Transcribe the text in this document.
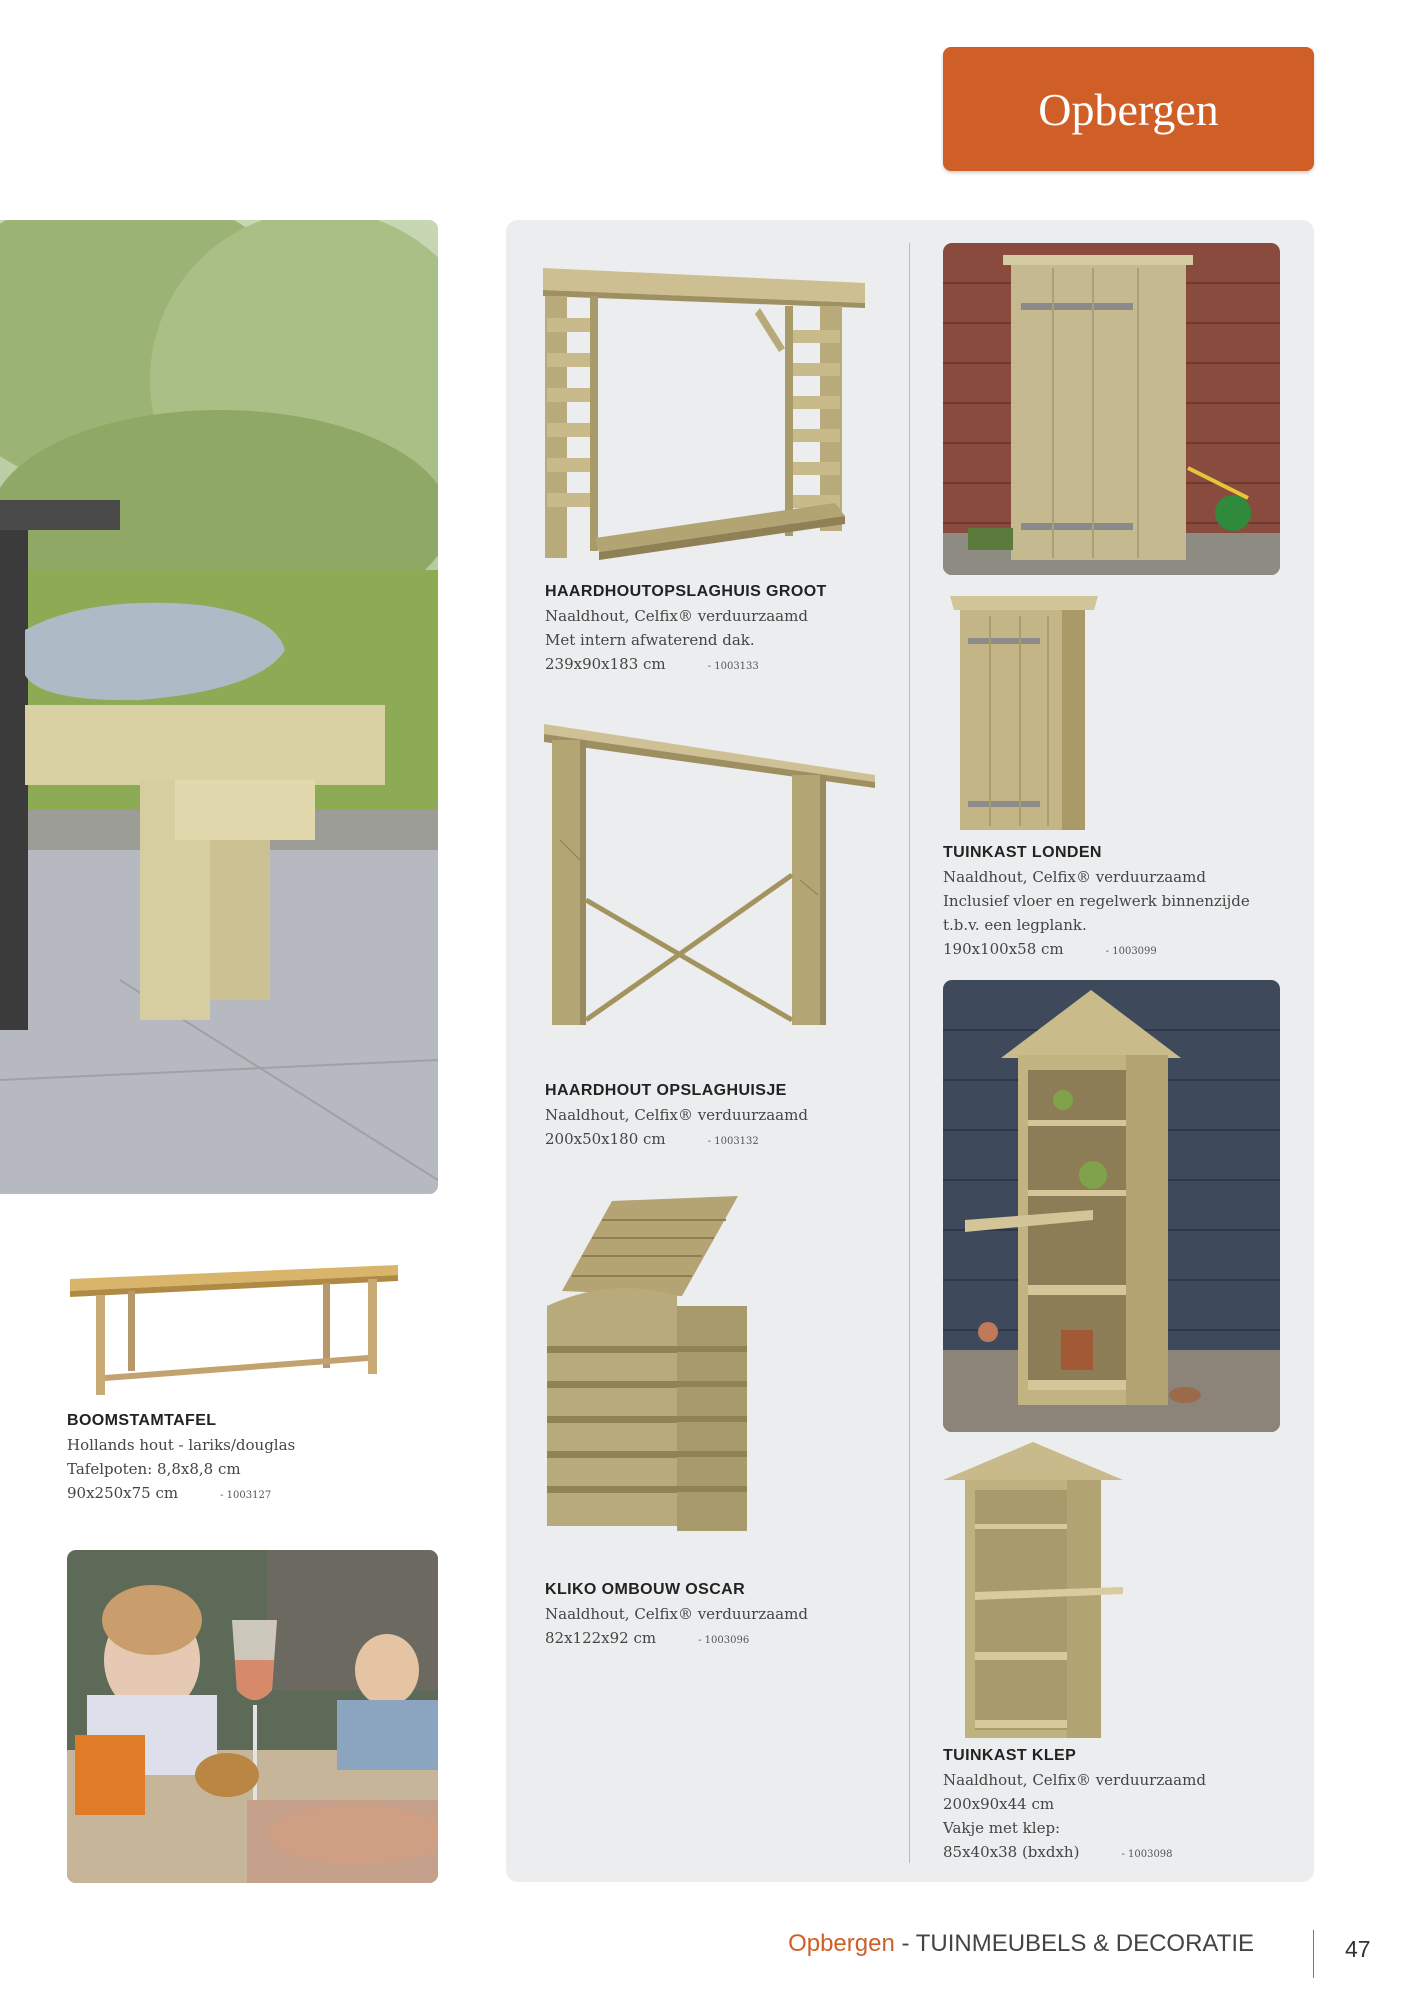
Opbergen
HAARDHOUTOPSLAGHUIS GROOT
Naaldhout, Celfix® verduurzaamd
Met intern afwaterend dak.
239x90x183 cm	- 1003133
HAARDHOUT OPSLAGHUISJE
Naaldhout, Celfix® verduurzaamd
200x50x180 cm	- 1003132
KLIKO OMBOUW OSCAR
Naaldhout, Celfix® verduurzaamd
82x122x92 cm	- 1003096
TUINKAST LONDEN
Naaldhout, Celfix® verduurzaamd
Inclusief vloer en regelwerk binnenzijde
t.b.v. een legplank.
190x100x58 cm	- 1003099
TUINKAST KLEP
Naaldhout, Celfix® verduurzaamd
200x90x44 cm
Vakje met klep:
85x40x38 (bxdxh)	- 1003098
BOOMSTAMTAFEL
Hollands hout - lariks/douglas
Tafelpoten: 8,8x8,8 cm
90x250x75 cm	- 1003127
Opbergen - TUINMEUBELS & DECORATIE	47
